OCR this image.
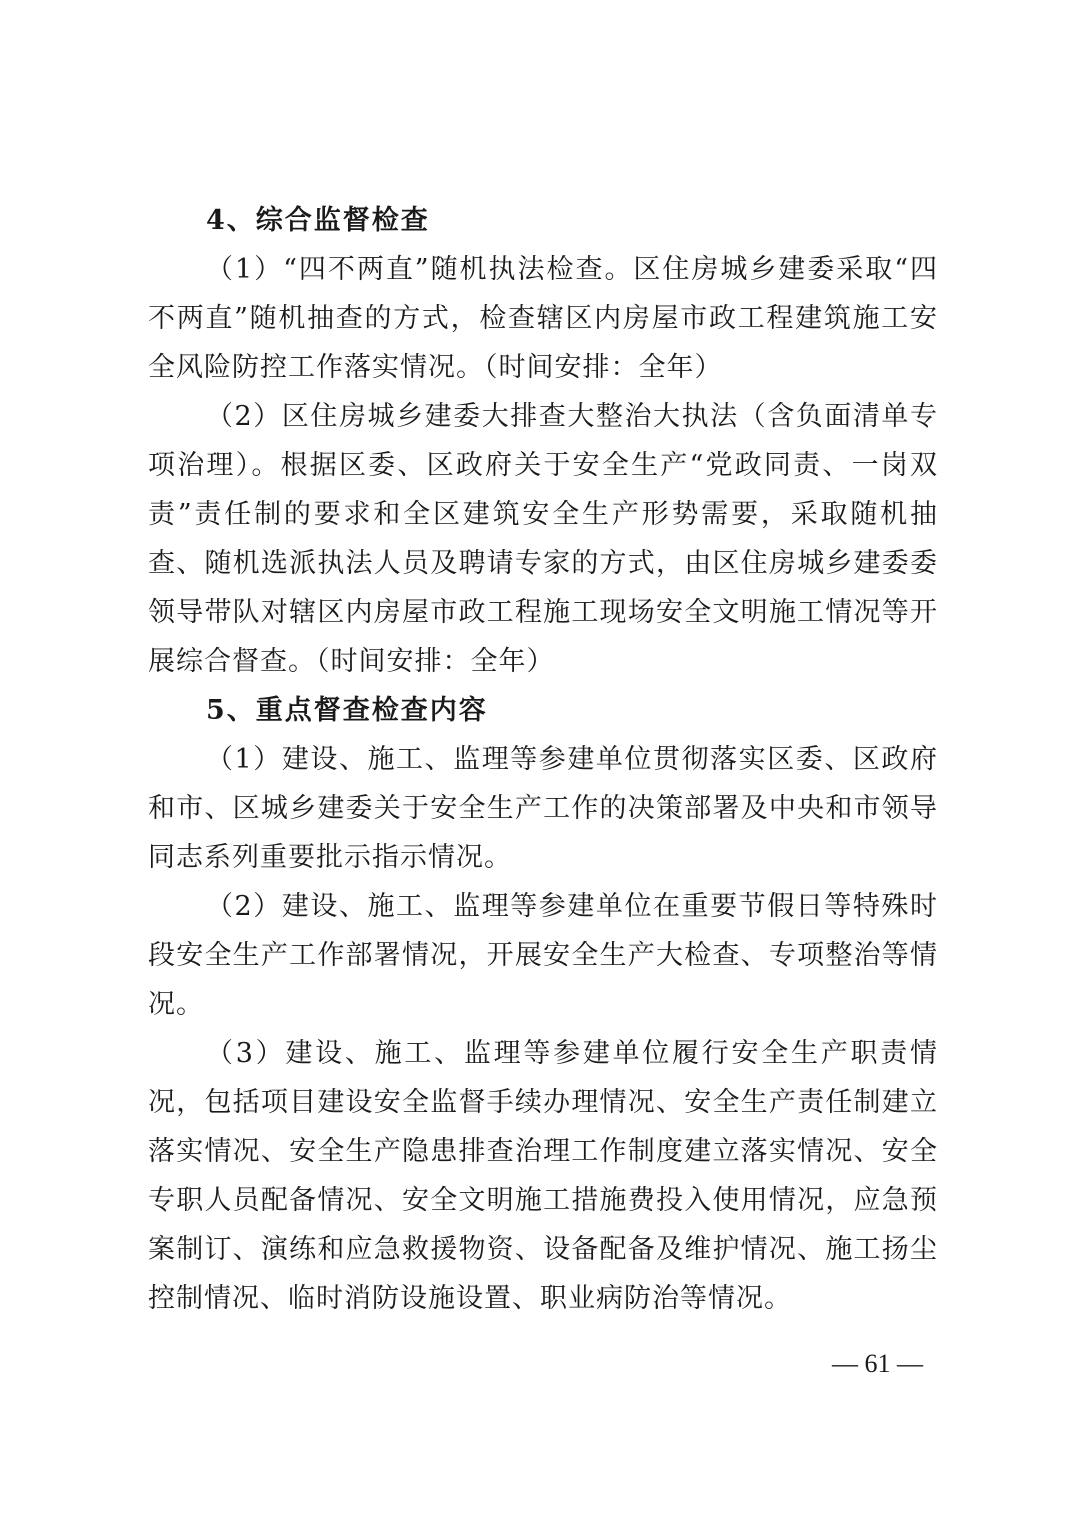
4、综合监督检查

（1）“四不两直”随机执法检查。区住房城乡建委采取“四不两直”随机抽查的方式，检查辖区内房屋市政工程建筑施工安全风险防控工作落实情况。（时间安排：全年）

（2）区住房城乡建委大排查大整治大执法（含负面清单专项治理）。根据区委、区政府关于安全生产“党政同责、一岗双责”责任制的要求和全区建筑安全生产形势需要，采取随机抽查、随机选派执法人员及聘请专家的方式，由区住房城乡建委委领导带队对辖区内房屋市政工程施工现场安全文明施工情况等开展综合督查。（时间安排：全年）

5、重点督查检查内容

（1）建设、施工、监理等参建单位贯彻落实区委、区政府和市、区城乡建委关于安全生产工作的决策部署及中央和市领导同志系列重要批示指示情况。

（2）建设、施工、监理等参建单位在重要节假日等特殊时段安全生产工作部署情况，开展安全生产大检查、专项整治等情况。

（3）建设、施工、监理等参建单位履行安全生产职责情况，包括项目建设安全监督手续办理情况、安全生产责任制建立落实情况、安全生产隐患排查治理工作制度建立落实情况、安全专职人员配备情况、安全文明施工措施费投入使用情况，应急预案制订、演练和应急救援物资、设备配备及维护情况、施工扬尘控制情况、临时消防设施设置、职业病防治等情况。

— 61 —
